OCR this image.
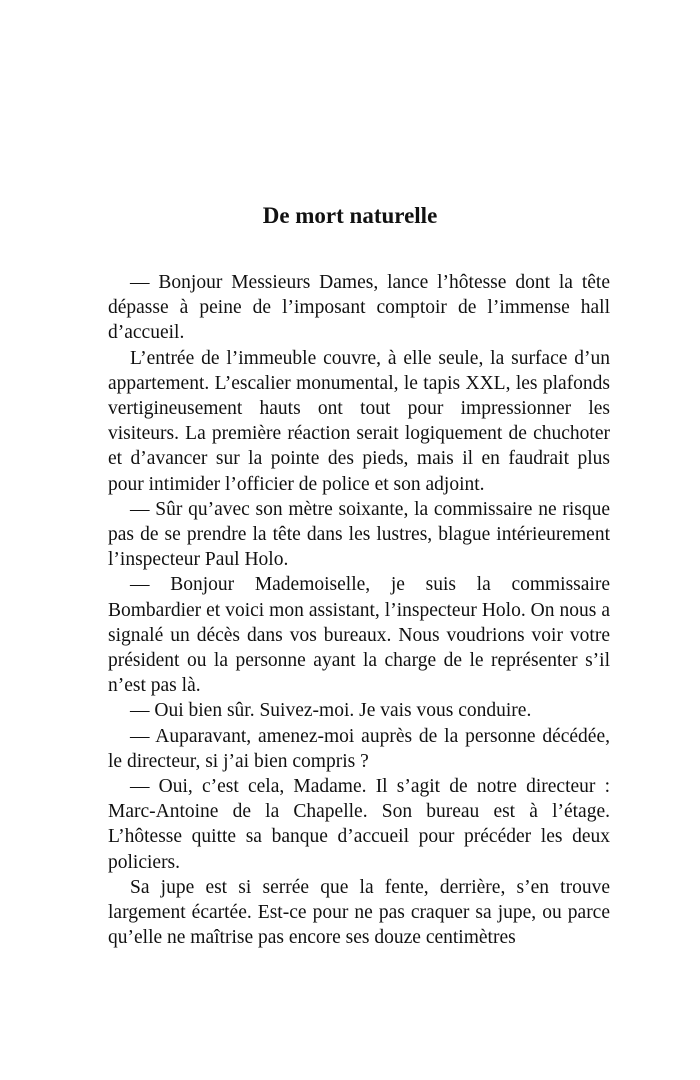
De mort naturelle

— Bonjour Messieurs Dames, lance l’hôtesse dont la tête dépasse à peine de l’imposant comptoir de l’immense hall d’accueil.

L’entrée de l’immeuble couvre, à elle seule, la surface d’un appartement. L’escalier monumental, le tapis XXL, les plafonds vertigineusement hauts ont tout pour impressionner les visiteurs. La première réaction serait logiquement de chuchoter et d’avancer sur la pointe des pieds, mais il en faudrait plus pour intimider l’officier de police et son adjoint.

— Sûr qu’avec son mètre soixante, la commissaire ne risque pas de se prendre la tête dans les lustres, blague intérieurement l’inspecteur Paul Holo.

— Bonjour Mademoiselle, je suis la commissaire Bombardier et voici mon assistant, l’inspecteur Holo. On nous a signalé un décès dans vos bureaux. Nous voudrions voir votre président ou la personne ayant la charge de le représenter s’il n’est pas là.

— Oui bien sûr. Suivez-moi. Je vais vous conduire.

— Auparavant, amenez-moi auprès de la personne décédée, le directeur, si j’ai bien compris ?

— Oui, c’est cela, Madame. Il s’agit de notre directeur : Marc-Antoine de la Chapelle. Son bureau est à l’étage. L’hôtesse quitte sa banque d’accueil pour précéder les deux policiers.

Sa jupe est si serrée que la fente, derrière, s’en trouve largement écartée. Est-ce pour ne pas craquer sa jupe, ou parce qu’elle ne maîtrise pas encore ses douze centimètres
